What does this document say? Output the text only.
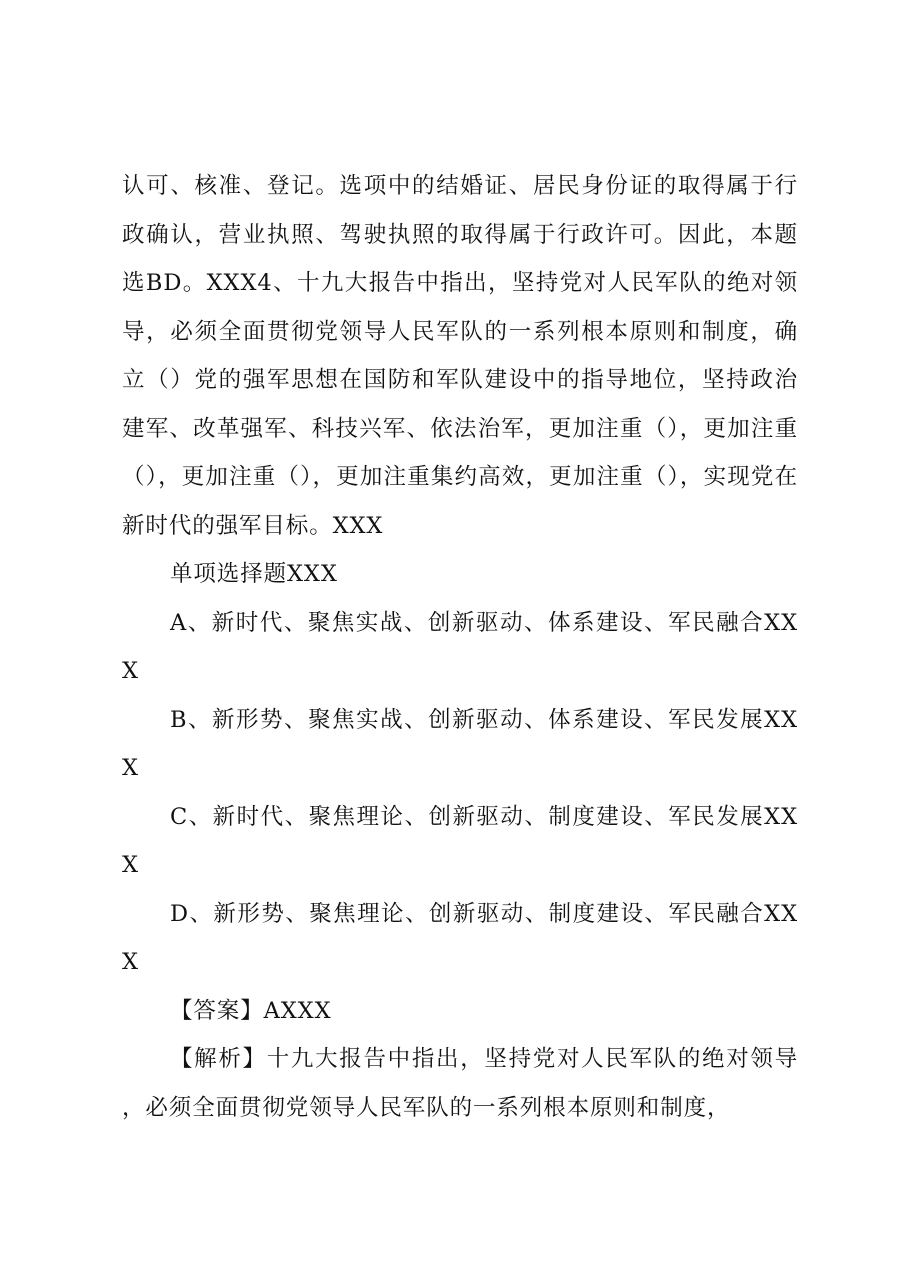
认可、核准、登记。选项中的结婚证、居民身份证的取得属于行政确认，营业执照、驾驶执照的取得属于行政许可。因此，本题选BD。XXX4、十九大报告中指出，坚持党对人民军队的绝对领导，必须全面贯彻党领导人民军队的一系列根本原则和制度，确立（）党的强军思想在国防和军队建设中的指导地位，坚持政治建军、改革强军、科技兴军、依法治军，更加注重（），更加注重（），更加注重（），更加注重集约高效，更加注重（），实现党在新时代的强军目标。XXX

单项选择题XXX

A、新时代、聚焦实战、创新驱动、体系建设、军民融合XXX

B、新形势、聚焦实战、创新驱动、体系建设、军民发展XXX

C、新时代、聚焦理论、创新驱动、制度建设、军民发展XXX

D、新形势、聚焦理论、创新驱动、制度建设、军民融合XXX

【答案】AXXX

【解析】十九大报告中指出，坚持党对人民军队的绝对领导，必须全面贯彻党领导人民军队的一系列根本原则和制度，
